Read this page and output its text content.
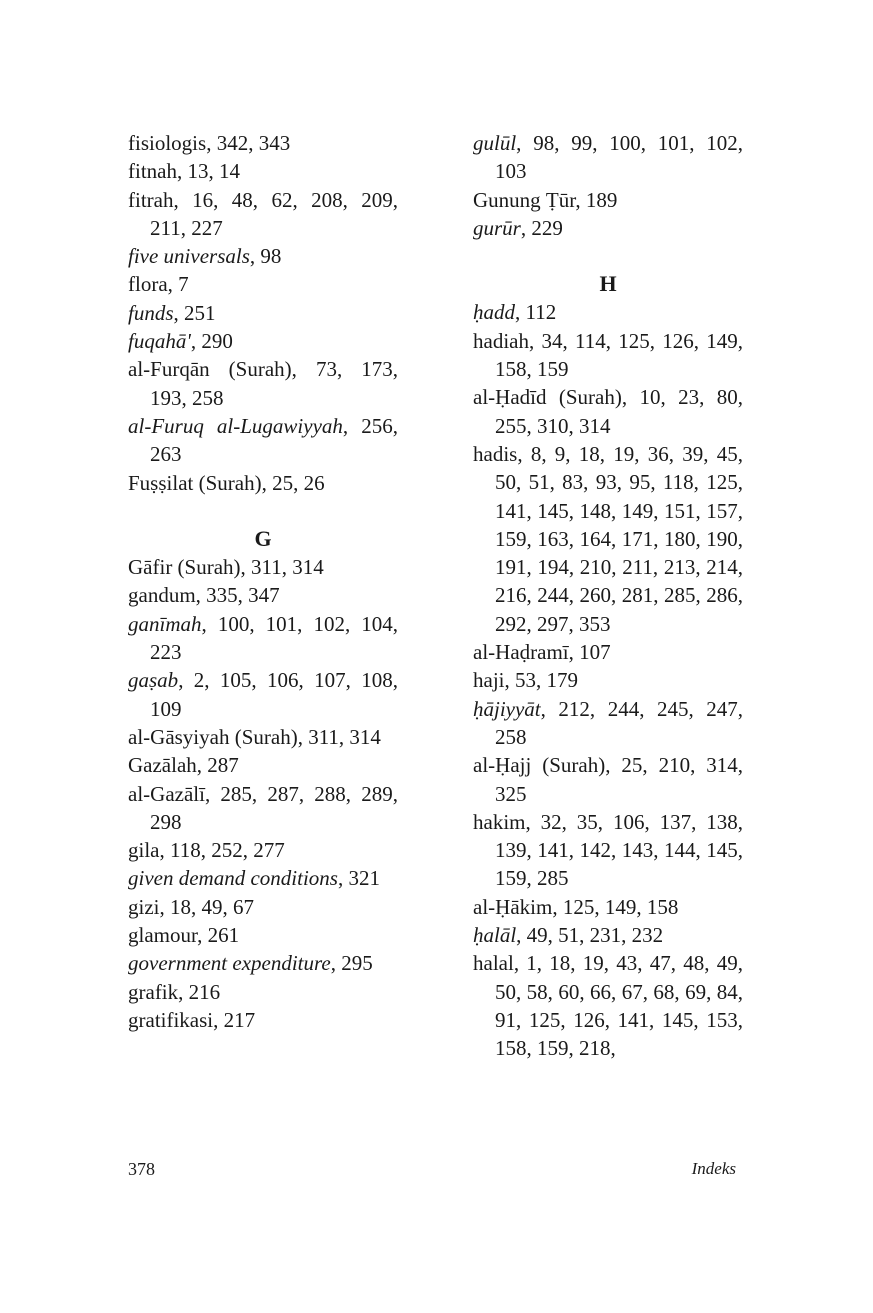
fisiologis, 342, 343
fitnah, 13, 14
fitrah, 16, 48, 62, 208, 209, 211, 227
five universals, 98
flora, 7
funds, 251
fuqahā', 290
al-Furqān (Surah), 73, 173, 193, 258
al-Furuq al-Lugawiyyah, 256, 263
Fuṣṣilat (Surah), 25, 26
G
Gāfir (Surah), 311, 314
gandum, 335, 347
ganīmah, 100, 101, 102, 104, 223
gaṣab, 2, 105, 106, 107, 108, 109
al-Gāsyiyah (Surah), 311, 314
Gazālah, 287
al-Gazālī, 285, 287, 288, 289, 298
gila, 118, 252, 277
given demand conditions, 321
gizi, 18, 49, 67
glamour, 261
government expenditure, 295
grafik, 216
gratifikasi, 217
gulūl, 98, 99, 100, 101, 102, 103
Gunung Ṭūr, 189
gurūr, 229
H
ḥadd, 112
hadiah, 34, 114, 125, 126, 149, 158, 159
al-Ḥadīd (Surah), 10, 23, 80, 255, 310, 314
hadis, 8, 9, 18, 19, 36, 39, 45, 50, 51, 83, 93, 95, 118, 125, 141, 145, 148, 149, 151, 157, 159, 163, 164, 171, 180, 190, 191, 194, 210, 211, 213, 214, 216, 244, 260, 281, 285, 286, 292, 297, 353
al-Haḍramī, 107
haji, 53, 179
ḥājiyyāt, 212, 244, 245, 247, 258
al-Ḥajj (Surah), 25, 210, 314, 325
hakim, 32, 35, 106, 137, 138, 139, 141, 142, 143, 144, 145, 159, 285
al-Ḥākim, 125, 149, 158
ḥalāl, 49, 51, 231, 232
halal, 1, 18, 19, 43, 47, 48, 49, 50, 58, 60, 66, 67, 68, 69, 84, 91, 125, 126, 141, 145, 153, 158, 159, 218,
378	Indeks
